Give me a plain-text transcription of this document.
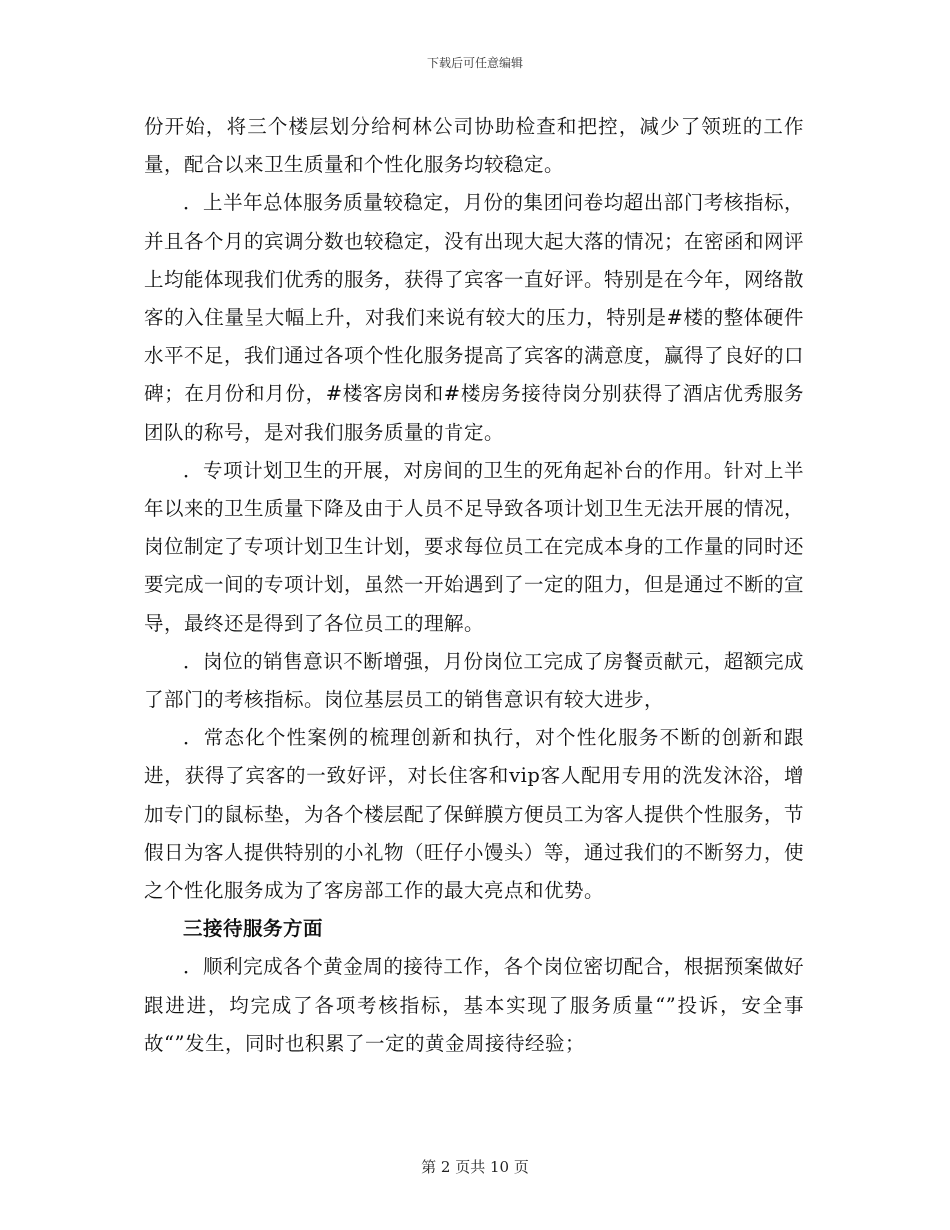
下载后可任意编辑

份开始，将三个楼层划分给柯林公司协助检查和把控，减少了领班的工作量，配合以来卫生质量和个性化服务均较稳定。

．上半年总体服务质量较稳定，月份的集团问卷均超出部门考核指标，并且各个月的宾调分数也较稳定，没有出现大起大落的情况；在密函和网评上均能体现我们优秀的服务，获得了宾客一直好评。特别是在今年，网络散客的入住量呈大幅上升，对我们来说有较大的压力，特别是#楼的整体硬件水平不足，我们通过各项个性化服务提高了宾客的满意度，赢得了良好的口碑；在月份和月份，#楼客房岗和#楼房务接待岗分别获得了酒店优秀服务团队的称号，是对我们服务质量的肯定。

．专项计划卫生的开展，对房间的卫生的死角起补台的作用。针对上半年以来的卫生质量下降及由于人员不足导致各项计划卫生无法开展的情况，岗位制定了专项计划卫生计划，要求每位员工在完成本身的工作量的同时还要完成一间的专项计划，虽然一开始遇到了一定的阻力，但是通过不断的宣导，最终还是得到了各位员工的理解。

．岗位的销售意识不断增强，月份岗位工完成了房餐贡献元，超额完成了部门的考核指标。岗位基层员工的销售意识有较大进步，

．常态化个性案例的梳理创新和执行，对个性化服务不断的创新和跟进，获得了宾客的一致好评，对长住客和vip客人配用专用的洗发沐浴，增加专门的鼠标垫，为各个楼层配了保鲜膜方便员工为客人提供个性服务，节假日为客人提供特别的小礼物（旺仔小馒头）等，通过我们的不断努力，使之个性化服务成为了客房部工作的最大亮点和优势。

三接待服务方面

．顺利完成各个黄金周的接待工作，各个岗位密切配合，根据预案做好跟进进，均完成了各项考核指标，基本实现了服务质量“”投诉，安全事故“”发生，同时也积累了一定的黄金周接待经验；

第 2 页共 10 页
